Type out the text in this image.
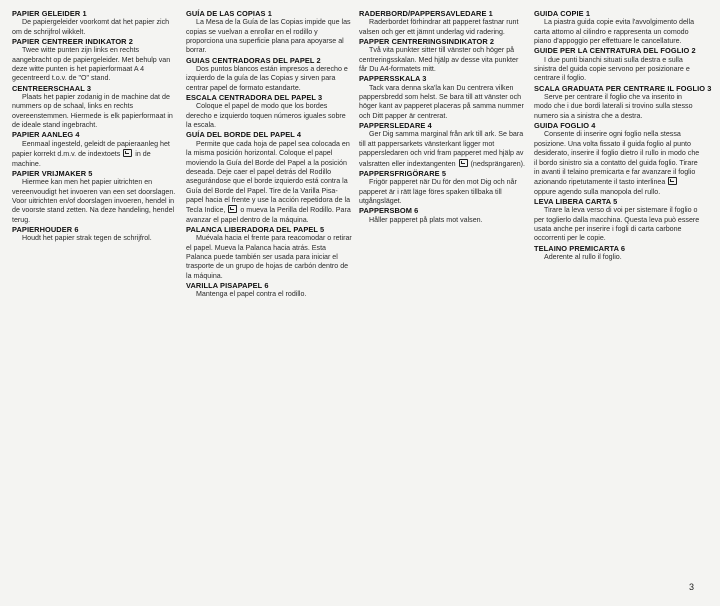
PAPIER GELEIDER 1

De papiergeleider voorkomt dat het papier zich om de schrijfrol wikkelt.

PAPIER CENTREER INDIKATOR 2

Twee witte punten zijn links en rechts aangebracht op de papiergeleider. Met behulp van deze witte punten is het papierformaat A 4 gecentreerd t.o.v. de "O" stand.

CENTREERSCHAAL 3

Plaats het papier zodanig in de machine dat de nummers op de schaal, links en rechts overeenstemmen. Hiermede is elk papierformaat in de ideale stand ingebracht.

PAPIER AANLEG 4

Eenmaal ingesteld, geleidt de papieraanleg het papier korrekt d.m.v. de indextoets  in de machine.

PAPIER VRIJMAKER 5

Hiermee kan men het papier uitrichten en vereenvoudigt het invoeren van een set doorslagen.

Voor uitrichten en/of doorslagen invoeren, hendel in de voorste stand zetten. Na deze handeling, hendel terug.

PAPIERHOUDER 6

Houdt het papier strak tegen de schrijfrol.

GUÍA DE LAS COPIAS 1

La Mesa de la Guía de las Copias impide que las copias se vuelvan a enrollar en el rodillo y proporciona una superficie plana para apoyarse al borrar.

GUIAS CENTRADORAS DEL PAPEL 2

Dos puntos blancos están impresos a derecho e izquierdo de la guía de las Copias y sirven para centrar papel de formato estandarte.

ESCALA CENTRADORA DEL PAPEL 3

Coloque el papel de modo que los bordes derecho e izquierdo toquen números iguales sobre la escala.

GUÍA DEL BORDE DEL PAPEL 4

Permite que cada hoja de papel sea colocada en la misma posición horizontal. Coloque el papel moviendo la Guía del Borde del Papel a la posición deseada. Deje caer el papel detrás del Rodillo asegurándose que el borde izquierdo está contra la Guía del Borde del Papel. Tire de la Varilla Pisa-papel hacia el frente y use la acción repetidora de la Tecla Indice,  o mueva la Perilla del Rodillo. Para avanzar el papel dentro de la máquina.

PALANCA LIBERADORA DEL PAPEL 5

Muévala hacia el frente para reacomodar o retirar el papel. Mueva la Palanca hacia atrás. Esta Palanca puede también ser usada para iniciar el trasporte de un grupo de hojas de carbón dentro de la máquina.

VARILLA PISAPAPEL 6

Mantenga el papel contra el rodillo.

RADERBORD/PAPPERSAVLEDARE 1

Raderbordet förhindrar att papperet fastnar runt valsen och ger ett jämnt underlag vid radering.

PAPPER CENTRERINGSINDIKATOR 2

Två vita punkter sitter till vänster och höger på centreringsskalan. Med hjälp av desse vita punkter får Du A4-formatets mitt.

PAPPERSSKALA 3

Tack vara denna ska'la kan Du centrera vilken pappersbredd som helst. Se bara till att vänster och höger kant av papperet placeras på samma nummer och Ditt papper är centrerat.

PAPPERSLEDARE 4

Ger Dig samma marginal från ark till ark. Se bara till att pappersarkets vänsterkant ligger mot pappersledaren och vrid fram papperet med hjälp av valsratten eller indextangenten  (nedsprängaren).

PAPPERSFRIGÖRARE 5

Frigör papperet när Du för den mot Dig och når papperet är i rätt läge föres spaken tillbaka till utgångsläget.

PAPPERSBOM 6

Håller papperet på plats mot valsen.

GUIDA COPIE 1

La piastra guida copie evita l'avvolgimento della carta attorno al cilindro e rappresenta un comodo piano d'appoggio per effettuare le cancellature.

GUIDE PER LA CENTRATURA DEL FOGLIO 2

I due punti bianchi situati sulla destra e sulla sinistra del guida copie servono per posizionare e centrare il foglio.

SCALA GRADUATA PER CENTRARE IL FOGLIO 3

Serve per centrare il foglio che va inserito in modo che i due bordi laterali si trovino sulla stesso numero sia a sinistra che a destra.

GUIDA FOGLIO 4

Consente di inserire ogni foglio nella stessa posizione. Una volta fissato il guida foglio al punto desiderato, inserire il foglio dietro il rullo in modo che il bordo sinistro sia a contatto del guida foglio. Tirare in avanti il telaino premicarta e far avanzare il foglio azionando ripetutamente il tasto interlinea  oppure agendo sulla manopola del rullo.

LEVA LIBERA CARTA 5

Tirare la leva verso di voi per sistemare il foglio o per toglierlo dalla macchina. Questa leva può essere usata anche per inserire i fogli di carta carbone occorrenti per le copie.

TELAINO PREMICARTA 6

Aderente al rullo il foglio.

3
